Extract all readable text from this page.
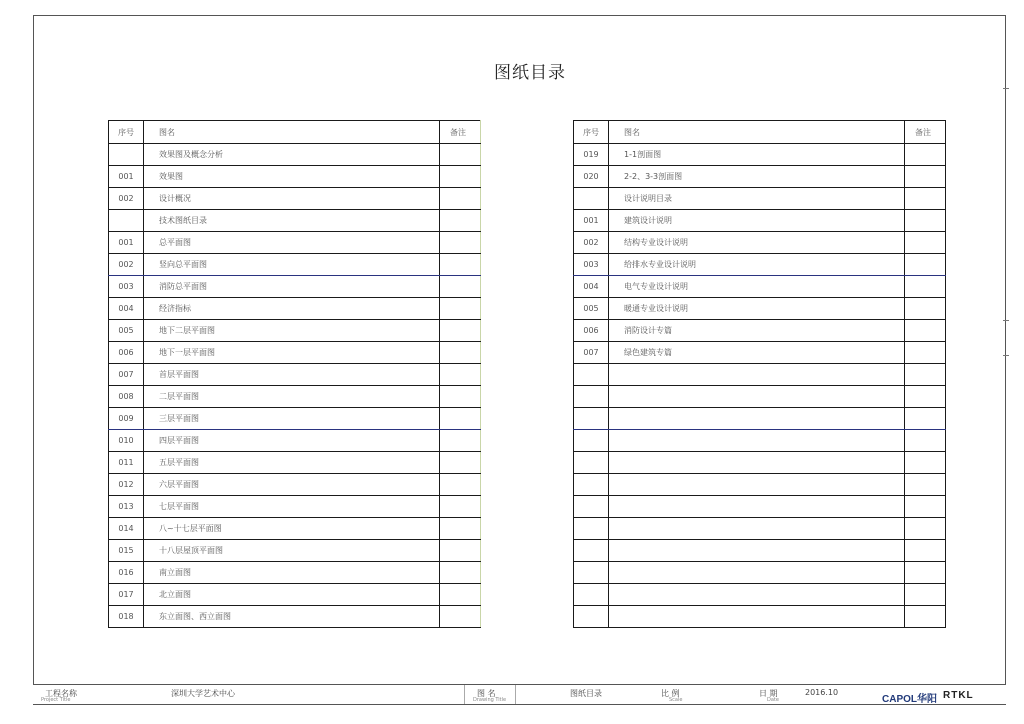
图纸目录
序号	图名	备注
	效果图及概念分析	
001	效果图	
002	设计概况	
	技术图纸目录	
001	总平面图	
002	竖向总平面图	
003	消防总平面图	
004	经济指标	
005	地下二层平面图	
006	地下一层平面图	
007	首层平面图	
008	二层平面图	
009	三层平面图	
010	四层平面图	
011	五层平面图	
012	六层平面图	
013	七层平面图	
014	八~十七层平面图	
015	十八层屋顶平面图	
016	南立面图	
017	北立面图	
018	东立面图、西立面图	
序号	图名	备注
019	1-1剖面图	
020	2-2、3-3剖面图	
	设计说明目录	
001	建筑设计说明	
002	结构专业设计说明	
003	给排水专业设计说明	
004	电气专业设计说明	
005	暖通专业设计说明	
006	消防设计专篇	
007	绿色建筑专篇	

工程名称
Project Title
深圳大学艺术中心	图 名
Drawing Title
图纸目录	比 例
Scale
日 期
Date
2016.10
CAPOL华阳 RTKL
